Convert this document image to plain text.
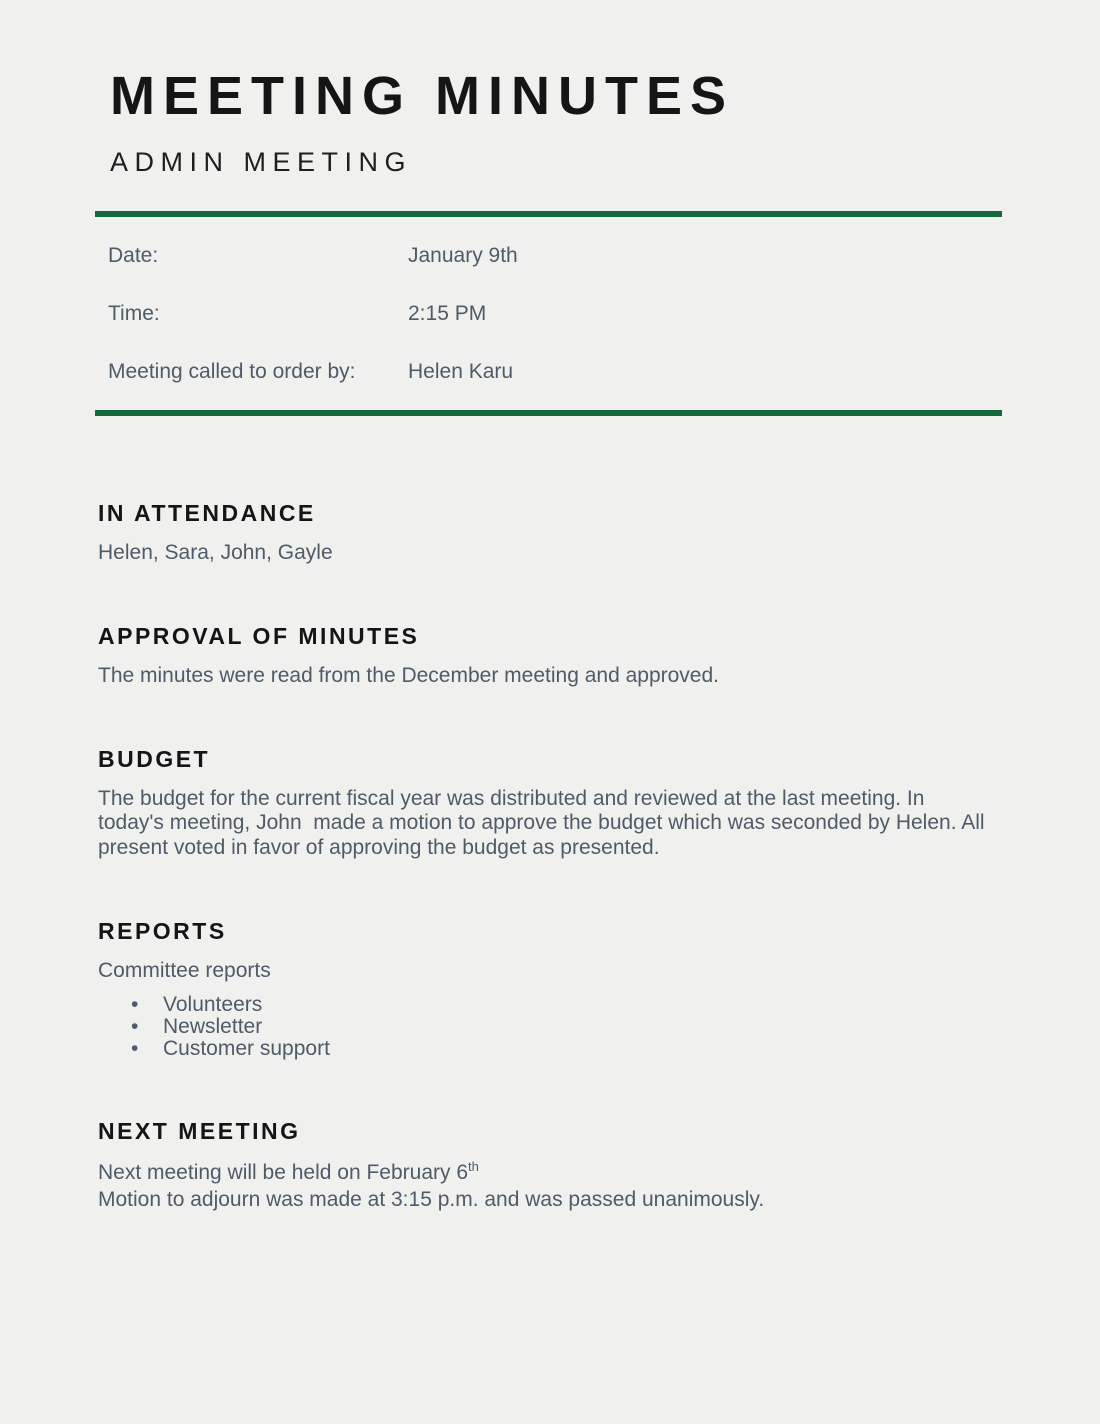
MEETING MINUTES
ADMIN MEETING
Date:	January 9th
Time:	2:15 PM
Meeting called to order by:	Helen Karu
IN ATTENDANCE
Helen, Sara, John, Gayle
APPROVAL OF MINUTES
The minutes were read from the December meeting and approved.
BUDGET
The budget for the current fiscal year was distributed and reviewed at the last meeting. In today's meeting, John  made a motion to approve the budget which was seconded by Helen. All present voted in favor of approving the budget as presented.
REPORTS
Committee reports
• Volunteers
• Newsletter
• Customer support
NEXT MEETING
Next meeting will be held on February 6th
Motion to adjourn was made at 3:15 p.m. and was passed unanimously.
